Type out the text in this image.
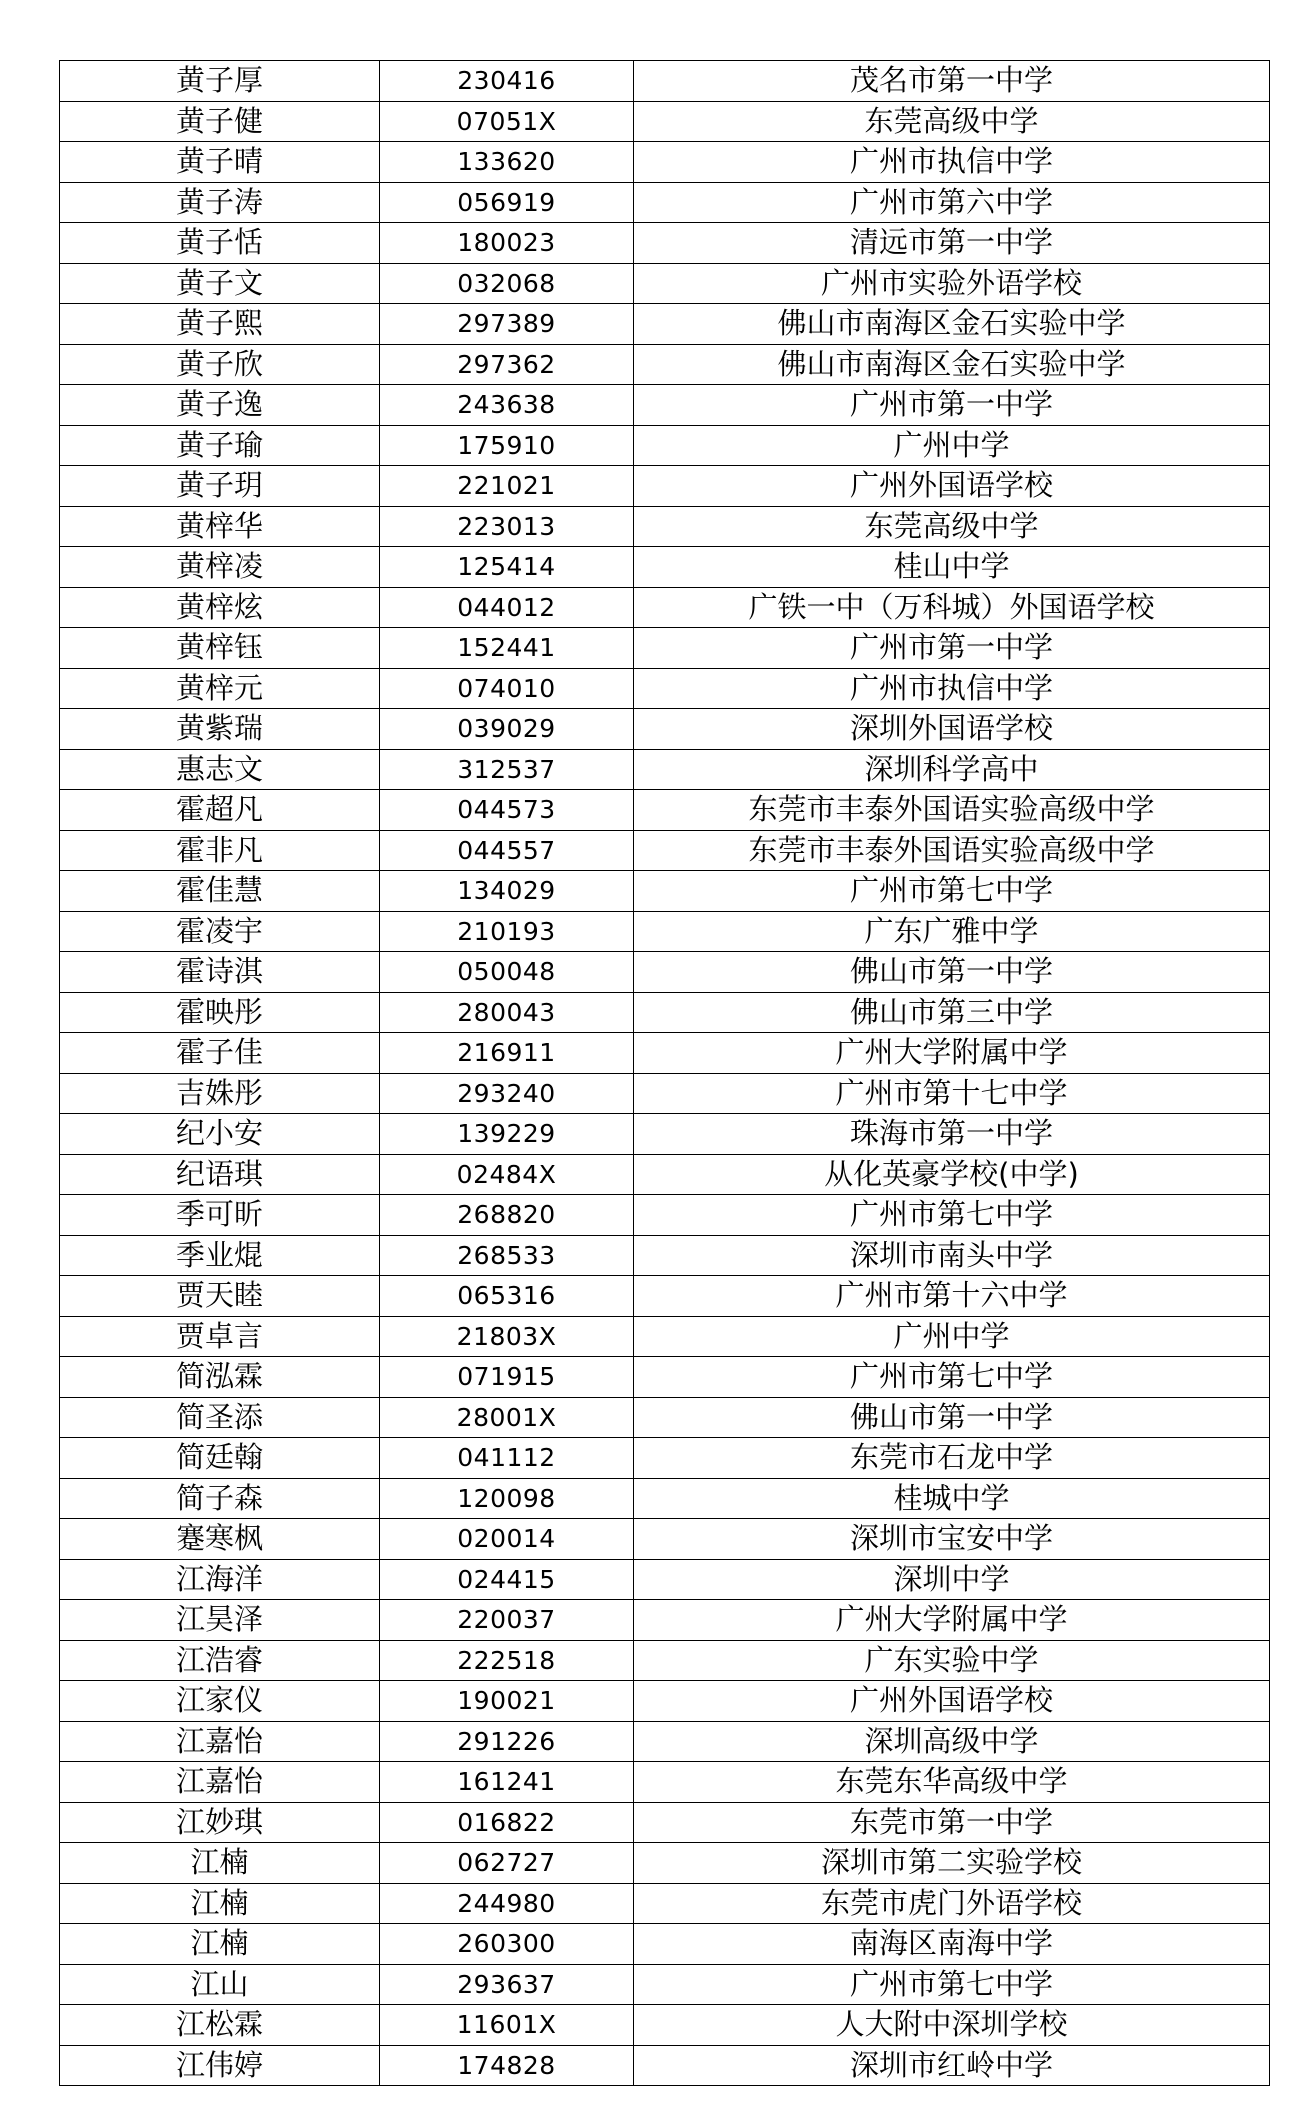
黄子厚	230416	茂名市第一中学
黄子健	07051X	东莞高级中学
黄子晴	133620	广州市执信中学
黄子涛	056919	广州市第六中学
黄子恬	180023	清远市第一中学
黄子文	032068	广州市实验外语学校
黄子熙	297389	佛山市南海区金石实验中学
黄子欣	297362	佛山市南海区金石实验中学
黄子逸	243638	广州市第一中学
黄子瑜	175910	广州中学
黄子玥	221021	广州外国语学校
黄梓华	223013	东莞高级中学
黄梓凌	125414	桂山中学
黄梓炫	044012	广铁一中（万科城）外国语学校
黄梓钰	152441	广州市第一中学
黄梓元	074010	广州市执信中学
黄紫瑞	039029	深圳外国语学校
惠志文	312537	深圳科学高中
霍超凡	044573	东莞市丰泰外国语实验高级中学
霍非凡	044557	东莞市丰泰外国语实验高级中学
霍佳慧	134029	广州市第七中学
霍凌宇	210193	广东广雅中学
霍诗淇	050048	佛山市第一中学
霍映彤	280043	佛山市第三中学
霍子佳	216911	广州大学附属中学
吉姝彤	293240	广州市第十七中学
纪小安	139229	珠海市第一中学
纪语琪	02484X	从化英豪学校(中学)
季可昕	268820	广州市第七中学
季业焜	268533	深圳市南头中学
贾天睦	065316	广州市第十六中学
贾卓言	21803X	广州中学
简泓霖	071915	广州市第七中学
简圣添	28001X	佛山市第一中学
简廷翰	041112	东莞市石龙中学
简子森	120098	桂城中学
蹇寒枫	020014	深圳市宝安中学
江海洋	024415	深圳中学
江昊泽	220037	广州大学附属中学
江浩睿	222518	广东实验中学
江家仪	190021	广州外国语学校
江嘉怡	291226	深圳高级中学
江嘉怡	161241	东莞东华高级中学
江妙琪	016822	东莞市第一中学
江楠	062727	深圳市第二实验学校
江楠	244980	东莞市虎门外语学校
江楠	260300	南海区南海中学
江山	293637	广州市第七中学
江松霖	11601X	人大附中深圳学校
江伟婷	174828	深圳市红岭中学
